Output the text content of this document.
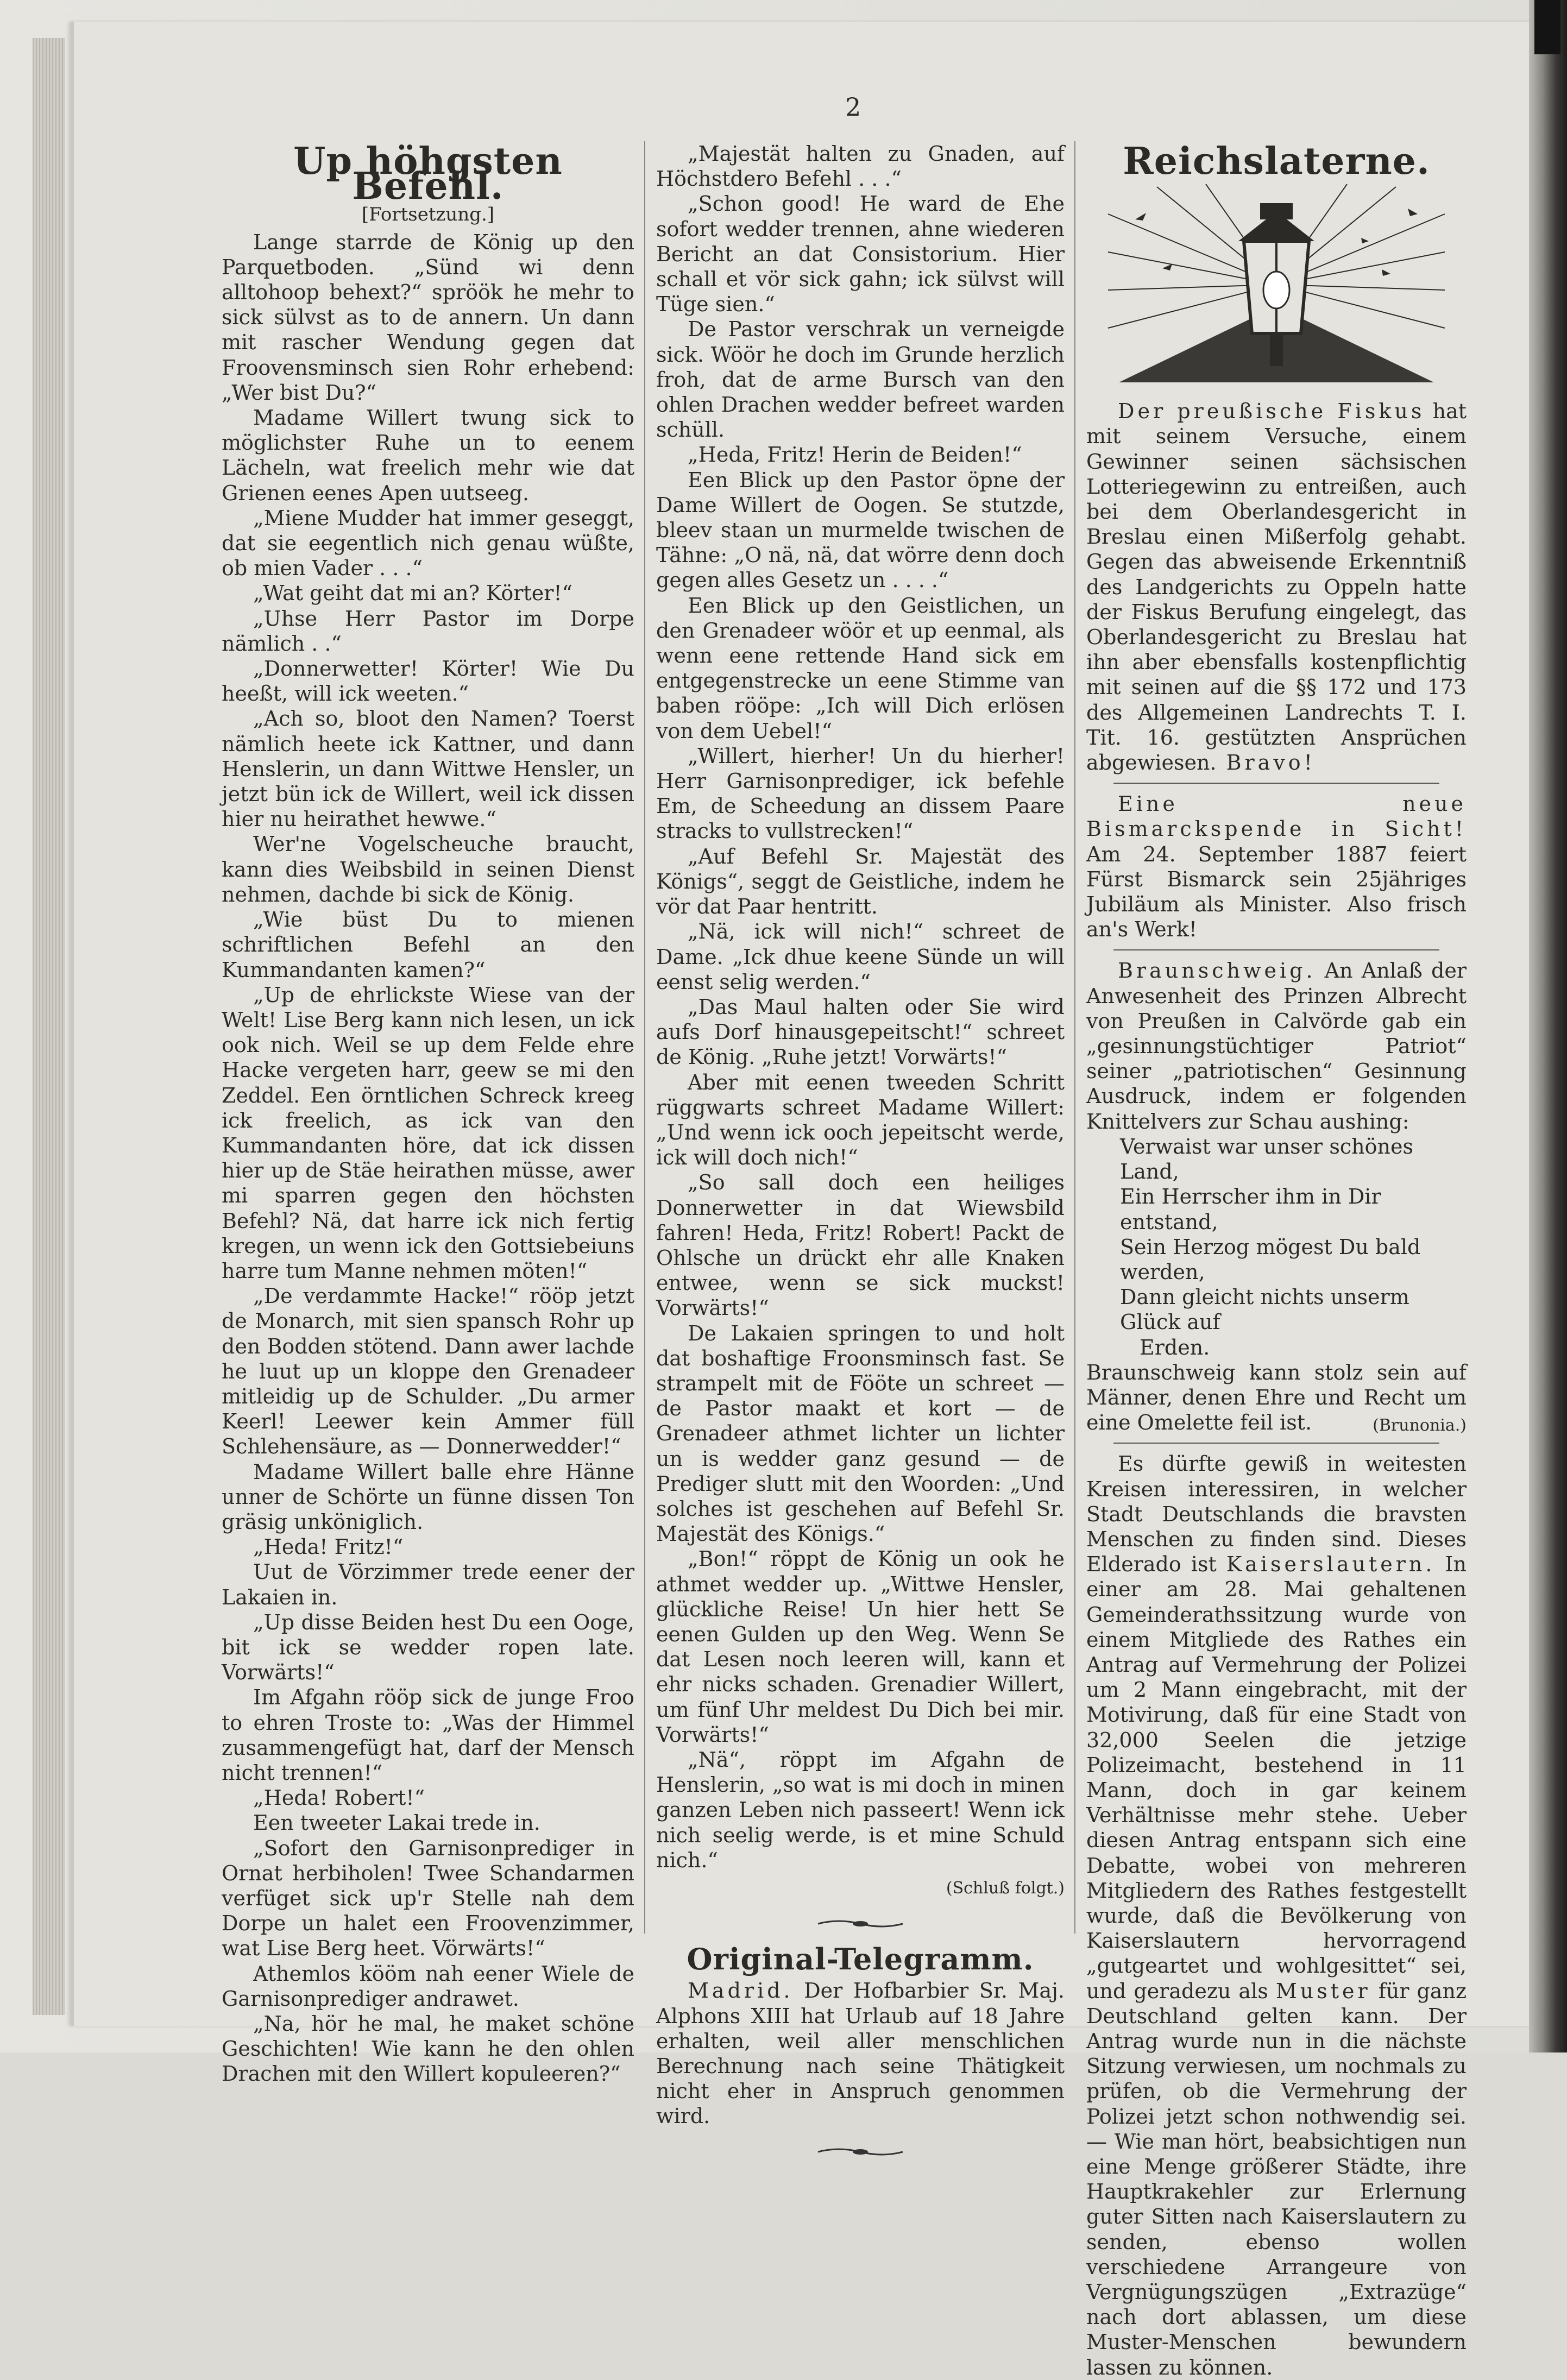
2
Up höhgsten Befehl.
[Fortsetzung.]

Lange starrde de König up den Parquetboden. „Sünd wi denn alltohoop behext?“ spröök he mehr to sick sülvst as to de annern. Un dann mit rascher Wendung gegen dat Froovensminsch sien Rohr erhebend: „Wer bist Du?“

Madame Willert twung sick to möglichster Ruhe un to eenem Lächeln, wat freelich mehr wie dat Grienen eenes Apen uutseeg.

„Miene Mudder hat immer geseggt, dat sie eegentlich nich genau wüßte, ob mien Vader . . .“

„Wat geiht dat mi an? Körter!“

„Uhse Herr Pastor im Dorpe nämlich . .“

„Donnerwetter! Körter! Wie Du heeßt, will ick weeten.“

„Ach so, bloot den Namen? Toerst nämlich heete ick Kattner, und dann Henslerin, un dann Wittwe Hensler, un jetzt bün ick de Willert, weil ick dissen hier nu heirathet hewwe.“

Wer'ne Vogelscheuche braucht, kann dies Weibsbild in seinen Dienst nehmen, dachde bi sick de König.

„Wie büst Du to mienen schriftlichen Befehl an den Kummandanten kamen?“

„Up de ehrlickste Wiese van der Welt! Lise Berg kann nich lesen, un ick ook nich. Weil se up dem Felde ehre Hacke vergeten harr, geew se mi den Zeddel. Een örntlichen Schreck kreeg ick freelich, as ick van den Kummandanten höre, dat ick dissen hier up de Stäe heirathen müsse, awer mi sparren gegen den höchsten Befehl? Nä, dat harre ick nich fertig kregen, un wenn ick den Gottsiebeiuns harre tum Manne nehmen möten!“

„De verdammte Hacke!“ rööp jetzt de Monarch, mit sien spansch Rohr up den Bodden stötend. Dann awer lachde he luut up un kloppe den Grenadeer mitleidig up de Schulder. „Du armer Keerl! Leewer kein Ammer füll Schlehensäure, as — Donnerwedder!“

Madame Willert balle ehre Hänne unner de Schörte un fünne dissen Ton gräsig unköniglich.

„Heda! Fritz!“

Uut de Vörzimmer trede eener der Lakaien in.

„Up disse Beiden hest Du een Ooge, bit ick se wedder ropen late. Vorwärts!“

Im Afgahn rööp sick de junge Froo to ehren Troste to: „Was der Himmel zusammengefügt hat, darf der Mensch nicht trennen!“

„Heda! Robert!“

Een tweeter Lakai trede in.

„Sofort den Garnisonprediger in Ornat herbiholen! Twee Schandarmen verfüget sick up'r Stelle nah dem Dorpe un halet een Froovenzimmer, wat Lise Berg heet. Vörwärts!“

Athemlos kööm nah eener Wiele de Garnisonprediger andrawet.

„Na, hör he mal, he maket schöne Geschichten! Wie kann he den ohlen Drachen mit den Willert kopuleeren?“

„Majestät halten zu Gnaden, auf Höchstdero Befehl . . .“

„Schon good! He ward de Ehe sofort wedder trennen, ahne wiederen Bericht an dat Consistorium. Hier schall et vör sick gahn; ick sülvst will Tüge sien.“

De Pastor verschrak un verneigde sick. Wöör he doch im Grunde herzlich froh, dat de arme Bursch van den ohlen Drachen wedder befreet warden schüll.

„Heda, Fritz! Herin de Beiden!“

Een Blick up den Pastor öpne der Dame Willert de Oogen. Se stutzde, bleev staan un murmelde twischen de Tähne: „O nä, nä, dat wörre denn doch gegen alles Gesetz un . . . .“

Een Blick up den Geistlichen, un den Grenadeer wöör et up eenmal, als wenn eene rettende Hand sick em entgegenstrecke un eene Stimme van baben rööpe: „Ich will Dich erlösen von dem Uebel!“

„Willert, hierher! Un du hierher! Herr Garnisonprediger, ick befehle Em, de Scheedung an dissem Paare stracks to vullstrecken!“

„Auf Befehl Sr. Majestät des Königs“, seggt de Geistliche, indem he vör dat Paar hentritt.

„Nä, ick will nich!“ schreet de Dame. „Ick dhue keene Sünde un will eenst selig werden.“

„Das Maul halten oder Sie wird aufs Dorf hinausgepeitscht!“ schreet de König. „Ruhe jetzt! Vorwärts!“

Aber mit eenen tweeden Schritt rüggwarts schreet Madame Willert: „Und wenn ick ooch jepeitscht werde, ick will doch nich!“

„So sall doch een heiliges Donnerwetter in dat Wiewsbild fahren! Heda, Fritz! Robert! Packt de Ohlsche un drückt ehr alle Knaken entwee, wenn se sick muckst! Vorwärts!“

De Lakaien springen to und holt dat boshaftige Froonsminsch fast. Se strampelt mit de Fööte un schreet — de Pastor maakt et kort — de Grenadeer athmet lichter un lichter un is wedder ganz gesund — de Prediger slutt mit den Woorden: „Und solches ist geschehen auf Befehl Sr. Majestät des Königs.“

„Bon!“ röppt de König un ook he athmet wedder up. „Wittwe Hensler, glückliche Reise! Un hier hett Se eenen Gulden up den Weg. Wenn Se dat Lesen noch leeren will, kann et ehr nicks schaden. Grenadier Willert, um fünf Uhr meldest Du Dich bei mir. Vorwärts!“

„Nä“, röppt im Afgahn de Henslerin, „so wat is mi doch in minen ganzen Leben nich passeert! Wenn ick nich seelig werde, is et mine Schuld nich.“

(Schluß folgt.)
Original-Telegramm.

Madrid. Der Hofbarbier Sr. Maj. Alphons XIII hat Urlaub auf 18 Jahre erhalten, weil aller menschlichen Berechnung nach seine Thätigkeit nicht eher in Anspruch genommen wird.

Reichslaterne.

Der preußische Fiskus hat mit seinem Versuche, einem Gewinner seinen sächsischen Lotteriegewinn zu entreißen, auch bei dem Oberlandesgericht in Breslau einen Mißerfolg gehabt. Gegen das abweisende Erkenntniß des Landgerichts zu Oppeln hatte der Fiskus Berufung eingelegt, das Oberlandesgericht zu Breslau hat ihn aber ebensfalls kostenpflichtig mit seinen auf die §§ 172 und 173 des Allgemeinen Landrechts T. I. Tit. 16. gestützten Ansprüchen abgewiesen. Bravo!

Eine neue Bismarckspende in Sicht! Am 24. September 1887 feiert Fürst Bismarck sein 25jähriges Jubiläum als Minister. Also frisch an's Werk!

Braunschweig. An Anlaß der Anwesenheit des Prinzen Albrecht von Preußen in Calvörde gab ein „gesinnungstüchtiger Patriot“ seiner „patriotischen“ Gesinnung Ausdruck, indem er folgenden Knittelvers zur Schau aushing:

Verwaist war unser schönes Land,
Ein Herrscher ihm in Dir entstand,
Sein Herzog mögest Du bald werden,
Dann gleicht nichts unserm Glück auf
Erden.

Braunschweig kann stolz sein auf Männer, denen Ehre und Recht um eine Omelette feil ist.	(Brunonia.)

Es dürfte gewiß in weitesten Kreisen interessiren, in welcher Stadt Deutschlands die bravsten Menschen zu finden sind. Dieses Elderado ist Kaiserslautern. In einer am 28. Mai gehaltenen Gemeinderathssitzung wurde von einem Mitgliede des Rathes ein Antrag auf Vermehrung der Polizei um 2 Mann eingebracht, mit der Motivirung, daß für eine Stadt von 32,000 Seelen die jetzige Polizeimacht, bestehend in 11 Mann, doch in gar keinem Verhältnisse mehr stehe. Ueber diesen Antrag entspann sich eine Debatte, wobei von mehreren Mitgliedern des Rathes festgestellt wurde, daß die Bevölkerung von Kaiserslautern hervorragend „gutgeartet und wohlgesittet“ sei, und geradezu als Muster für ganz Deutschland gelten kann. Der Antrag wurde nun in die nächste Sitzung verwiesen, um nochmals zu prüfen, ob die Vermehrung der Polizei jetzt schon nothwendig sei. — Wie man hört, beabsichtigen nun eine Menge größerer Städte, ihre Hauptkrakehler zur Erlernung guter Sitten nach Kaiserslautern zu senden, ebenso wollen verschiedene Arrangeure von Vergnügungszügen „Extrazüge“ nach dort ablassen, um diese Muster-Menschen bewundern lassen zu können.
